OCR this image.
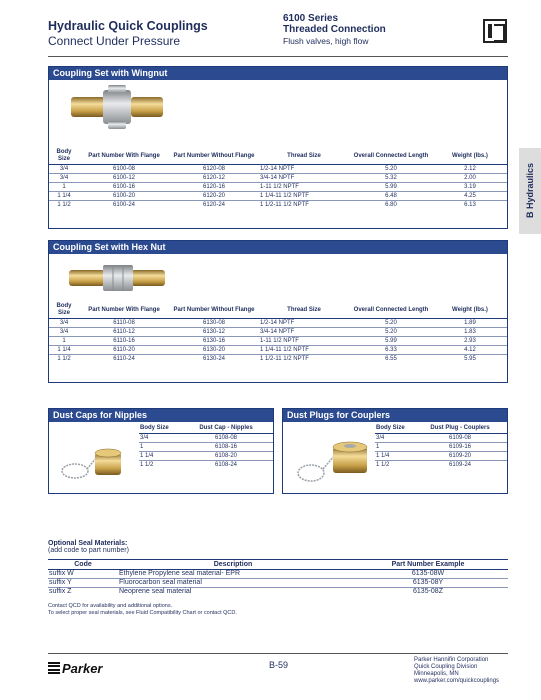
Hydraulic Quick Couplings
Connect Under Pressure
6100 Series
Threaded Connection
Flush valves, high flow
B Hydraulics
Coupling Set with Wingnut
Body Size	Part Number With Flange	Part Number Without Flange	Thread Size	Overall Connected Length	Weight (lbs.)
3/4	6100-08	6120-08	1/2-14 NPTF	5.20	2.12
3/4	6100-12	6120-12	3/4-14 NPTF	5.32	2.00
1	6100-16	6120-16	1-11 1/2 NPTF	5.99	3.19
1 1/4	6100-20	6120-20	1 1/4-11 1/2 NPTF	6.48	4.25
1 1/2	6100-24	6120-24	1 1/2-11 1/2 NPTF	6.80	6.13
Coupling Set with Hex Nut
Body Size	Part Number With Flange	Part Number Without Flange	Thread Size	Overall Connected Length	Weight (lbs.)
3/4	6110-08	6130-08	1/2-14 NPTF	5.20	1.89
3/4	6110-12	6130-12	3/4-14 NPTF	5.20	1.83
1	6110-16	6130-16	1-11 1/2 NPTF	5.99	2.93
1 1/4	6110-20	6130-20	1 1/4-11 1/2 NPTF	6.33	4.12
1 1/2	6110-24	6130-24	1 1/2-11 1/2 NPTF	6.55	5.95
Dust Caps for Nipples
Body Size	Dust Cap - Nipples
3/4	6108-08
1	6108-16
1 1/4	6108-20
1 1/2	6108-24
Dust Plugs for Couplers
Body Size	Dust Plug - Couplers
3/4	6109-08
1	6109-16
1 1/4	6109-20
1 1/2	6109-24
Optional Seal Materials:
(add code to part number)
Code	Description	Part Number Example
suffix W	Ethylene Propylene seal material- EPR	6135-08W
suffix Y	Fluorocarbon seal material	6135-08Y
suffix Z	Neoprene seal material	6135-08Z
Contact QCD for availability and additional options.
To select proper seal materials, see Fluid Compatibility Chart or contact QCD.
Parker	B-59	Parker Hannifin Corporation
Quick Coupling Division
Minneapolis, MN
www.parker.com/quickcouplings
